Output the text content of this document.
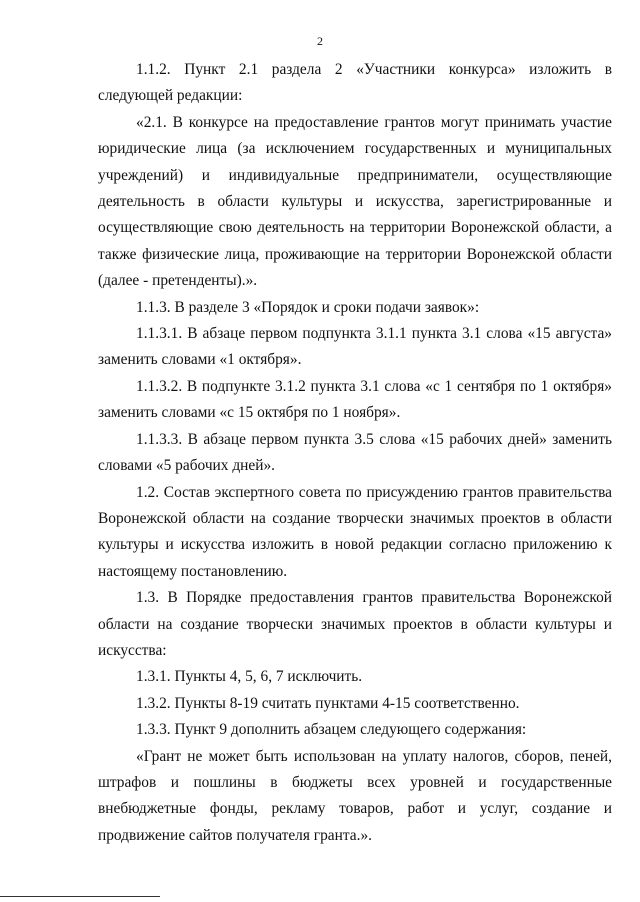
2

1.1.2. Пункт 2.1 раздела 2 «Участники конкурса» изложить в следующей редакции:

«2.1. В конкурсе на предоставление грантов могут принимать участие юридические лица (за исключением государственных и муниципальных учреждений) и индивидуальные предприниматели, осуществляющие деятельность в области культуры и искусства, зарегистрированные и осуществляющие свою деятельность на территории Воронежской области, а также физические лица, проживающие на территории Воронежской области (далее - претенденты).».

1.1.3. В разделе 3 «Порядок и сроки подачи заявок»:

1.1.3.1. В абзаце первом подпункта 3.1.1 пункта 3.1 слова «15 августа» заменить словами «1 октября».

1.1.3.2. В подпункте 3.1.2 пункта 3.1 слова «с 1 сентября по 1 октября» заменить словами «с 15 октября по 1 ноября».

1.1.3.3. В абзаце первом пункта 3.5 слова «15 рабочих дней» заменить словами «5 рабочих дней».

1.2. Состав экспертного совета по присуждению грантов правительства Воронежской области на создание творчески значимых проектов в области культуры и искусства изложить в новой редакции согласно приложению к настоящему постановлению.

1.3. В Порядке предоставления грантов правительства Воронежской области на создание творчески значимых проектов в области культуры и искусства:

1.3.1. Пункты 4, 5, 6, 7 исключить.

1.3.2. Пункты 8-19 считать пунктами 4-15 соответственно.

1.3.3. Пункт 9 дополнить абзацем следующего содержания:

«Грант не может быть использован на уплату налогов, сборов, пеней, штрафов и пошлины в бюджеты всех уровней и государственные внебюджетные фонды, рекламу товаров, работ и услуг, создание и продвижение сайтов получателя гранта.».
